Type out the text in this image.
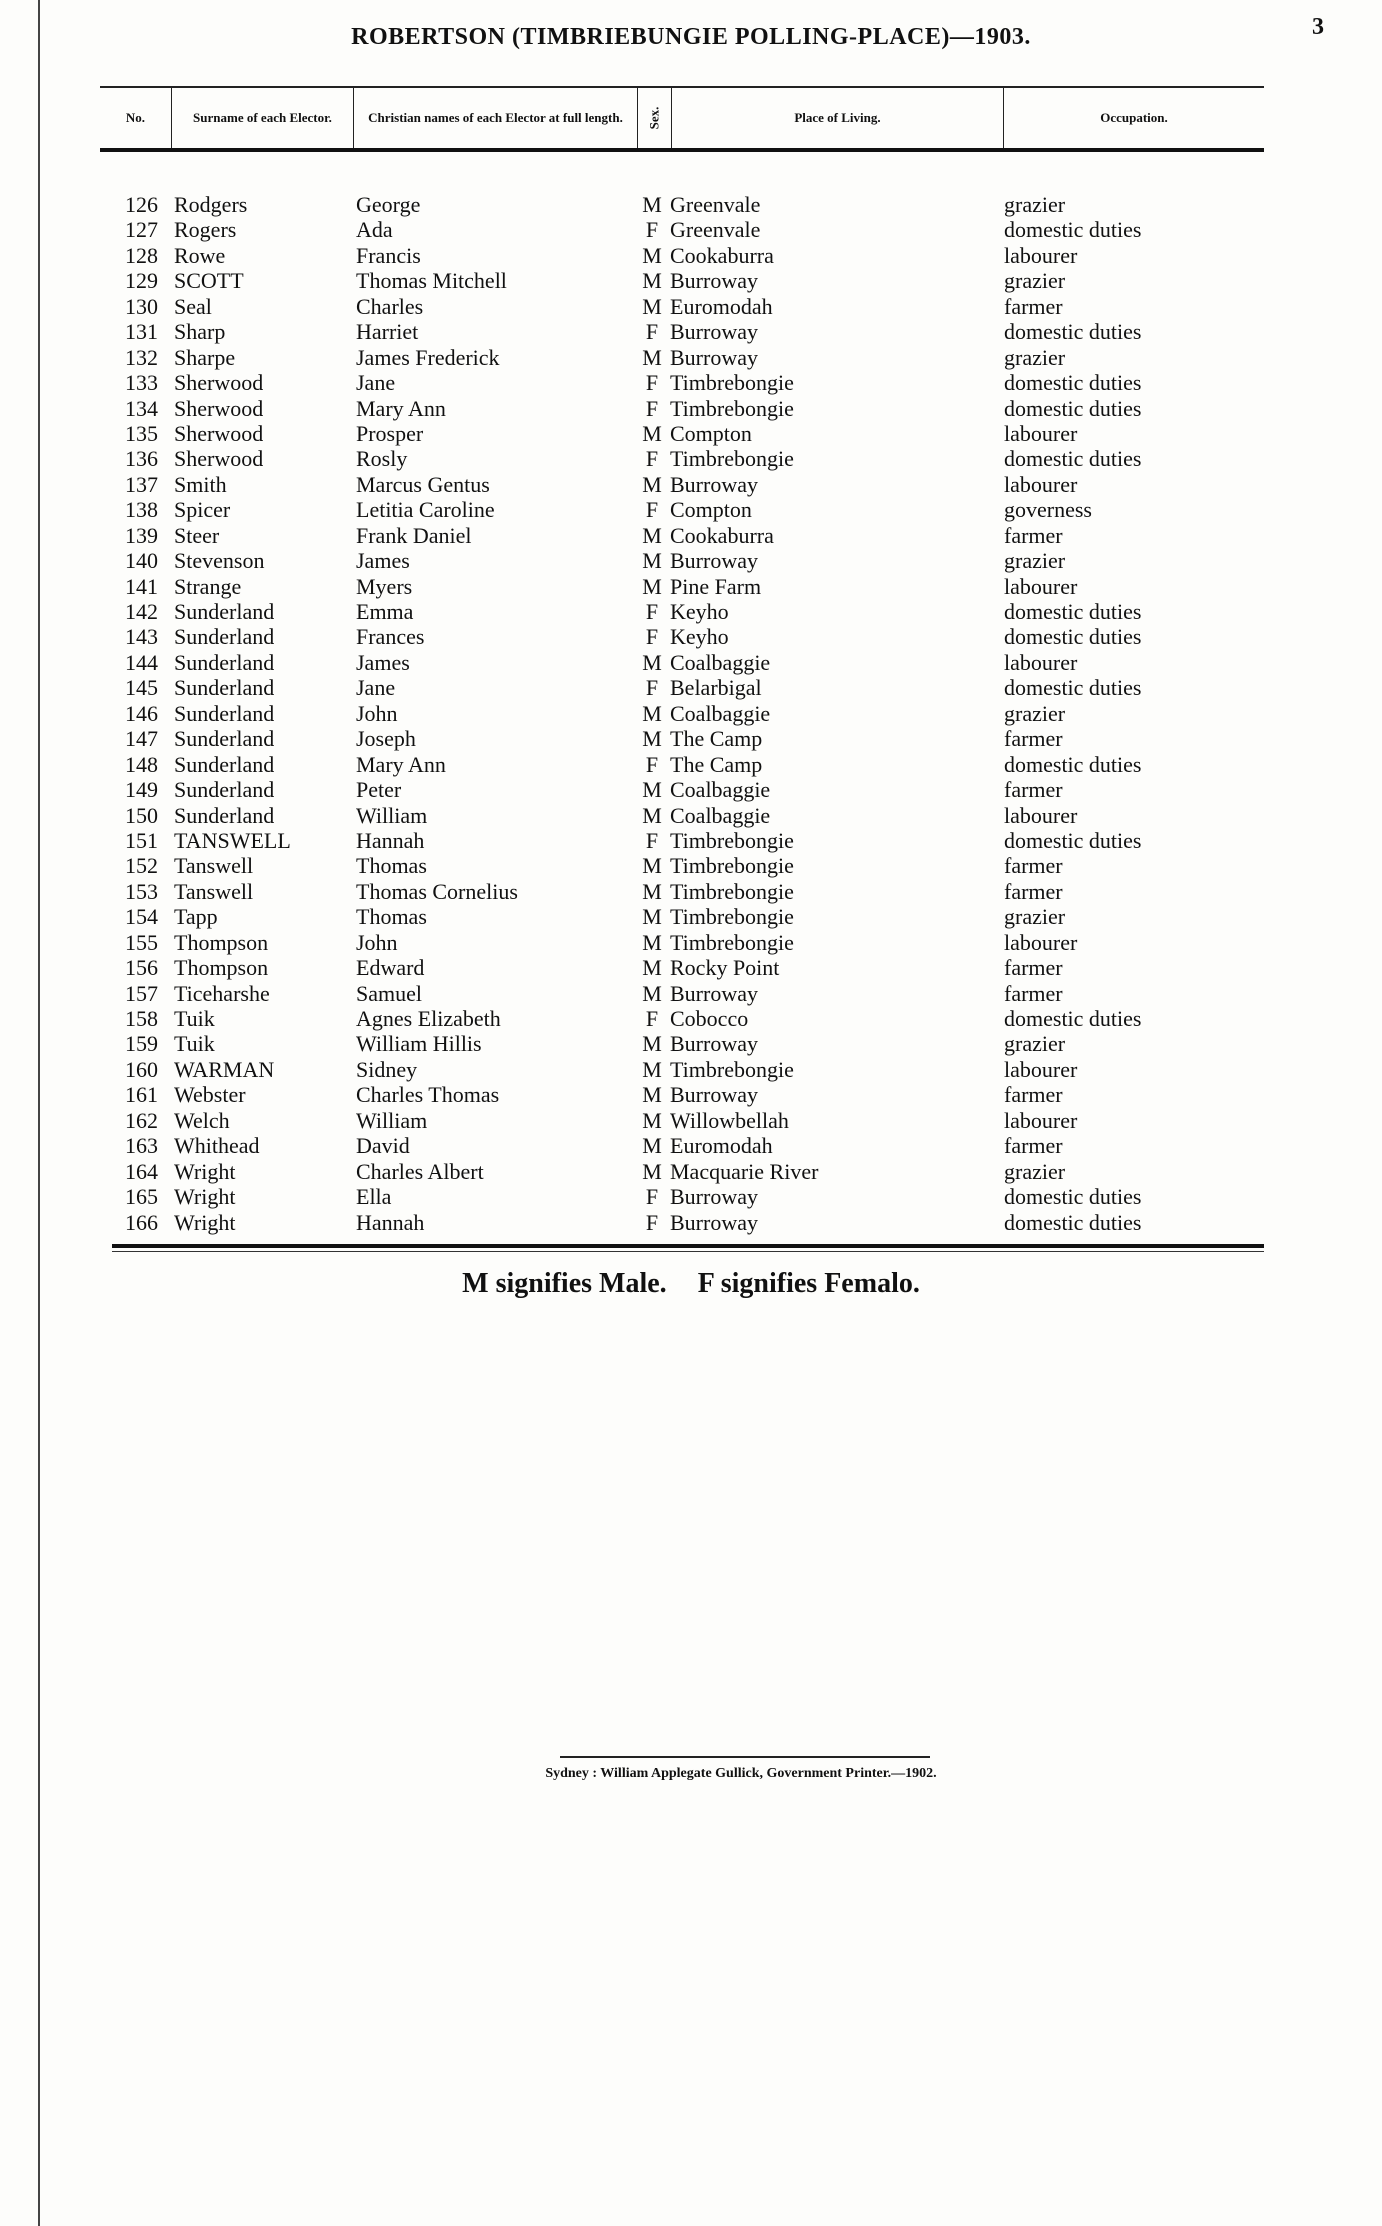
ROBERTSON (TIMBRIEBUNGIE POLLING-PLACE)—1903.	3
No.	Surname of each Elector.	Christian names of each Elector at full length.	Sex.	Place of Living.	Occupation.
126 Rodgers	George	M Greenvale	grazier
127 Rogers	Ada	F Greenvale	domestic duties
128 Rowe	Francis	M Cookaburra	labourer
129 SCOTT	Thomas Mitchell	M Burroway	grazier
130 Seal	Charles	M Euromodah	farmer
131 Sharp	Harriet	F Burroway	domestic duties
132 Sharpe	James Frederick	M Burroway	grazier
133 Sherwood	Jane	F Timbrebongie	domestic duties
134 Sherwood	Mary Ann	F Timbrebongie	domestic duties
135 Sherwood	Prosper	M Compton	labourer
136 Sherwood	Rosly	F Timbrebongie	domestic duties
137 Smith	Marcus Gentus	M Burroway	labourer
138 Spicer	Letitia Caroline	F Compton	governess
139 Steer	Frank Daniel	M Cookaburra	farmer
140 Stevenson	James	M Burroway	grazier
141 Strange	Myers	M Pine Farm	labourer
142 Sunderland	Emma	F Keyho	domestic duties
143 Sunderland	Frances	F Keyho	domestic duties
144 Sunderland	James	M Coalbaggie	labourer
145 Sunderland	Jane	F Belarbigal	domestic duties
146 Sunderland	John	M Coalbaggie	grazier
147 Sunderland	Joseph	M The Camp	farmer
148 Sunderland	Mary Ann	F The Camp	domestic duties
149 Sunderland	Peter	M Coalbaggie	farmer
150 Sunderland	William	M Coalbaggie	labourer
151 TANSWELL	Hannah	F Timbrebongie	domestic duties
152 Tanswell	Thomas	M Timbrebongie	farmer
153 Tanswell	Thomas Cornelius	M Timbrebongie	farmer
154 Tapp	Thomas	M Timbrebongie	grazier
155 Thompson	John	M Timbrebongie	labourer
156 Thompson	Edward	M Rocky Point	farmer
157 Ticeharshe	Samuel	M Burroway	farmer
158 Tuik	Agnes Elizabeth	F Cobocco	domestic duties
159 Tuik	William Hillis	M Burroway	grazier
160 WARMAN	Sidney	M Timbrebongie	labourer
161 Webster	Charles Thomas	M Burroway	farmer
162 Welch	William	M Willowbellah	labourer
163 Whithead	David	M Euromodah	farmer
164 Wright	Charles Albert	M Macquarie River	grazier
165 Wright	Ella	F Burroway	domestic duties
166 Wright	Hannah	F Burroway	domestic duties
M signifies Male. F signifies Femalo.
Sydney : William Applegate Gullick, Government Printer.—1902.
